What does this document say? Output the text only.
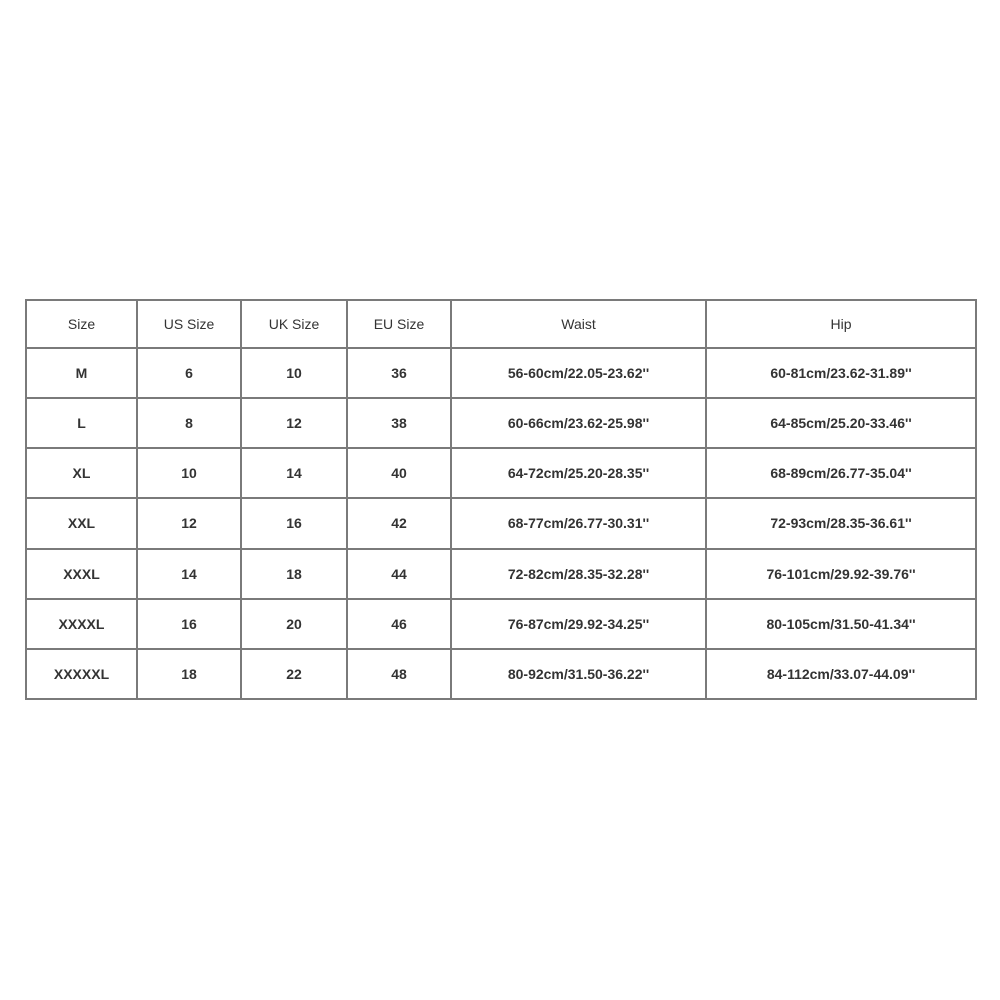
Size	US Size	UK Size	EU Size	Waist	Hip
M	6	10	36	56-60cm/22.05-23.62''	60-81cm/23.62-31.89''
L	8	12	38	60-66cm/23.62-25.98''	64-85cm/25.20-33.46''
XL	10	14	40	64-72cm/25.20-28.35''	68-89cm/26.77-35.04''
XXL	12	16	42	68-77cm/26.77-30.31''	72-93cm/28.35-36.61''
XXXL	14	18	44	72-82cm/28.35-32.28''	76-101cm/29.92-39.76''
XXXXL	16	20	46	76-87cm/29.92-34.25''	80-105cm/31.50-41.34''
XXXXXL	18	22	48	80-92cm/31.50-36.22''	84-112cm/33.07-44.09''
